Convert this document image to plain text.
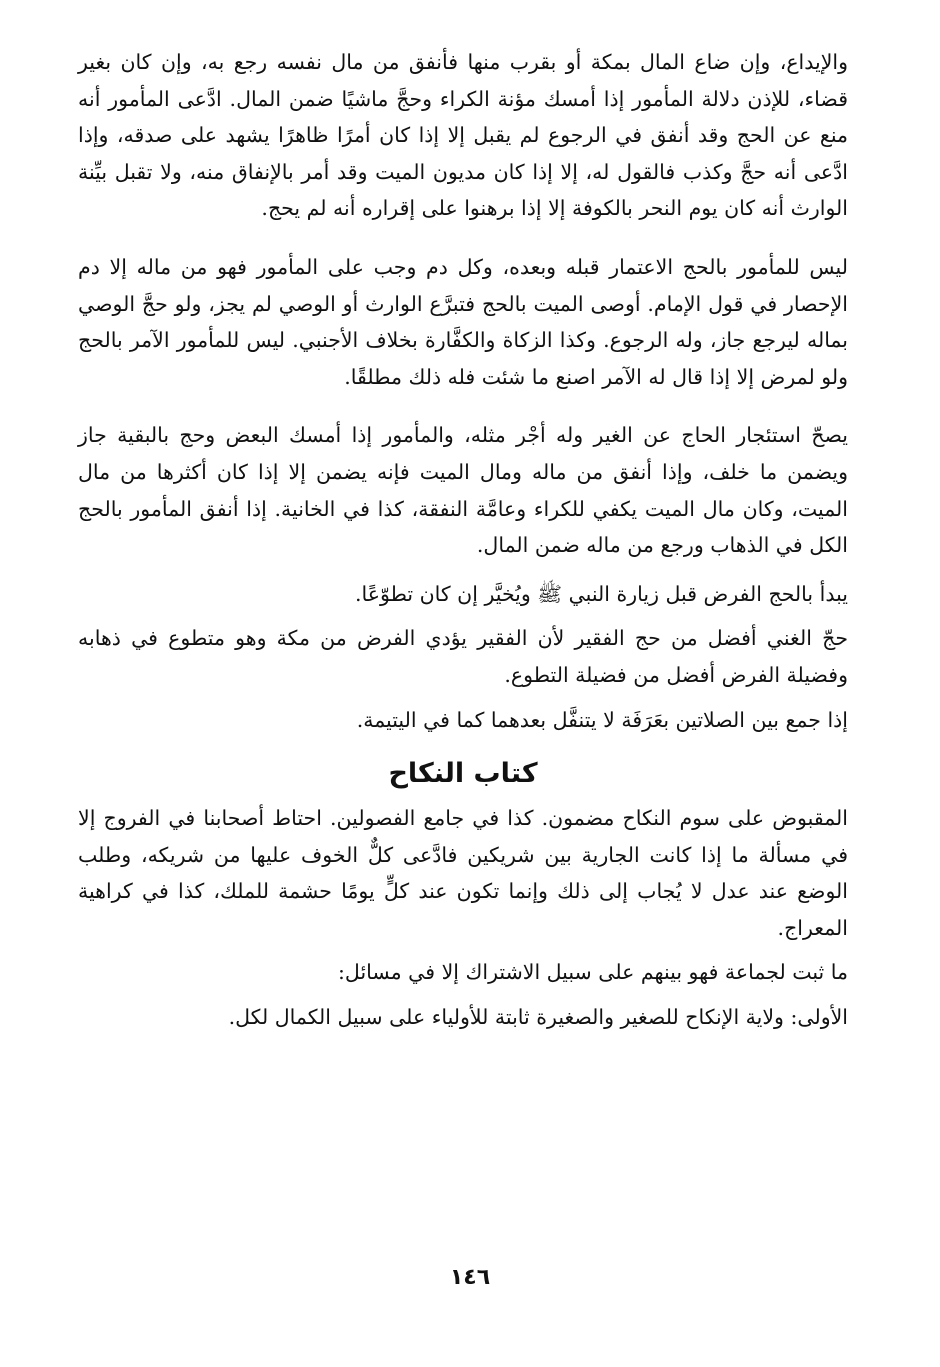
والإيداع، وإن ضاع المال بمكة أو بقرب منها فأنفق من مال نفسه رجع به، وإن كان بغير قضاء، للإذن دلالة المأمور إذا أمسك مؤنة الكراء وحجَّ ماشيًا ضمن المال. ادَّعى المأمور أنه منع عن الحج وقد أنفق في الرجوع لم يقبل إلا إذا كان أمرًا ظاهرًا يشهد على صدقه، وإذا ادَّعى أنه حجَّ وكذب فالقول له، إلا إذا كان مديون الميت وقد أمر بالإنفاق منه، ولا تقبل بيِّنة الوارث أنه كان يوم النحر بالكوفة إلا إذا برهنوا على إقراره أنه لم يحج.

ليس للمأمور بالحج الاعتمار قبله وبعده، وكل دم وجب على المأمور فهو من ماله إلا دم الإحصار في قول الإمام. أوصى الميت بالحج فتبرَّع الوارث أو الوصي لم يجز، ولو حجَّ الوصي بماله ليرجع جاز، وله الرجوع. وكذا الزكاة والكفَّارة بخلاف الأجنبي. ليس للمأمور الآمر بالحج ولو لمرض إلا إذا قال له الآمر اصنع ما شئت فله ذلك مطلقًا.

يصحّ استئجار الحاج عن الغير وله أجْر مثله، والمأمور إذا أمسك البعض وحج بالبقية جاز ويضمن ما خلف، وإذا أنفق من ماله ومال الميت فإنه يضمن إلا إذا كان أكثرها من مال الميت، وكان مال الميت يكفي للكراء وعامَّة النفقة، كذا في الخانية. إذا أنفق المأمور بالحج الكل في الذهاب ورجع من ماله ضمن المال.

يبدأ بالحج الفرض قبل زيارة النبي ﷺ ويُخيَّر إن كان تطوّعًا.

حجّ الغني أفضل من حج الفقير لأن الفقير يؤدي الفرض من مكة وهو متطوع في ذهابه وفضيلة الفرض أفضل من فضيلة التطوع.

إذا جمع بين الصلاتين بعَرَفَة لا يتنفَّل بعدهما كما في اليتيمة.

كتاب النكاح

المقبوض على سوم النكاح مضمون. كذا في جامع الفصولين. احتاط أصحابنا في الفروج إلا في مسألة ما إذا كانت الجارية بين شريكين فادَّعى كلٌّ الخوف عليها من شريكه، وطلب الوضع عند عدل لا يُجاب إلى ذلك وإنما تكون عند كلٍّ يومًا حشمة للملك، كذا في كراهية المعراج.

ما ثبت لجماعة فهو بينهم على سبيل الاشتراك إلا في مسائل:

الأولى: ولاية الإنكاح للصغير والصغيرة ثابتة للأولياء على سبيل الكمال لكل.

١٤٦
